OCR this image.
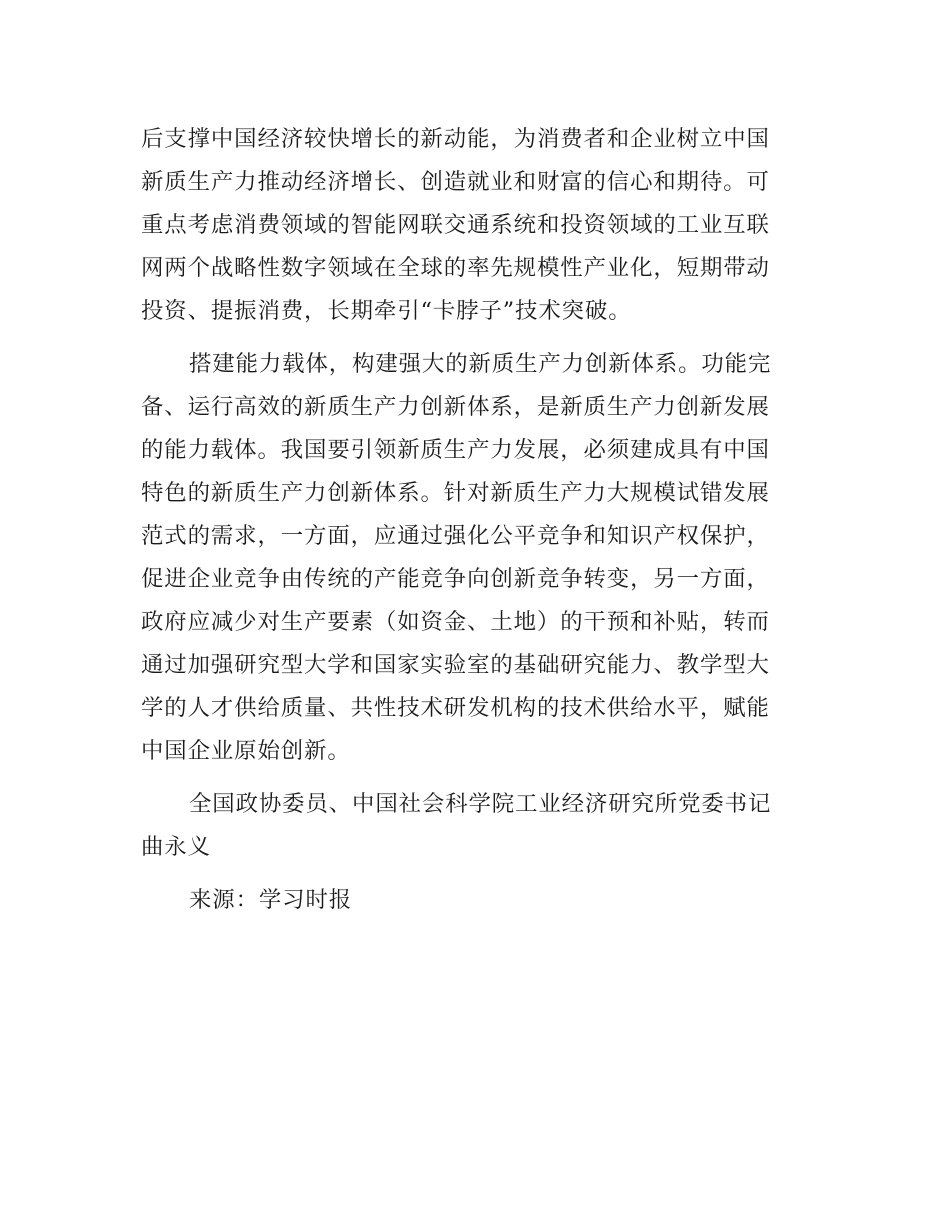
后支撑中国经济较快增长的新动能，为消费者和企业树立中国
新质生产力推动经济增长、创造就业和财富的信心和期待。可
重点考虑消费领域的智能网联交通系统和投资领域的工业互联
网两个战略性数字领域在全球的率先规模性产业化，短期带动
投资、提振消费，长期牵引“卡脖子”技术突破。
搭建能力载体，构建强大的新质生产力创新体系。功能完
备、运行高效的新质生产力创新体系，是新质生产力创新发展
的能力载体。我国要引领新质生产力发展，必须建成具有中国
特色的新质生产力创新体系。针对新质生产力大规模试错发展
范式的需求，一方面，应通过强化公平竞争和知识产权保护，
促进企业竞争由传统的产能竞争向创新竞争转变，另一方面，
政府应减少对生产要素（如资金、土地）的干预和补贴，转而
通过加强研究型大学和国家实验室的基础研究能力、教学型大
学的人才供给质量、共性技术研发机构的技术供给水平，赋能
中国企业原始创新。
全国政协委员、中国社会科学院工业经济研究所党委书记
曲永义
来源：学习时报
